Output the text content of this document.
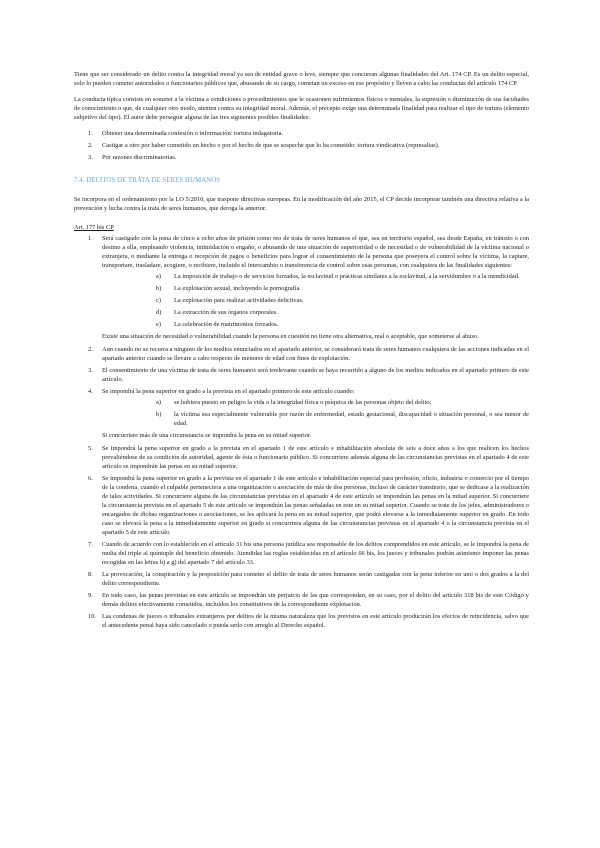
Tiene que ser considerado un delito contra la integridad moral ya sea de entidad grave o leve, siempre que concurran algunas finalidades del Art. 174 CP. Es un delito especial, solo lo pueden cometer autoridades o funcionarios públicos que, abusando de su cargo, cometan un exceso en ese propósito y lleven a cabo las conductas del artículo 174 CP.

La conducta típica consiste en someter a la víctima a condiciones o procedimientos que le ocasionen sufrimientos físicos o mentales, la supresión o disminución de sus facultades de conocimiento o que, de cualquier otro modo, atenten contra su integridad moral. Además, el precepto exige una determinada finalidad para realizar el tipo de tortura (elemento subjetivo del tipo). El autor debe perseguir alguna de las tres siguientes posibles finalidades:

1. Obtener una determinada confesión o información: tortura indagatoria.
2. Castigar a otro por haber cometido un hecho o por el hecho de que se sospeche que lo ha cometido: tortura vindicativa (represalias).
3. Por razones discriminatorias.
7.4. DELITOS DE TRATA DE SERES HUMANOS

Se incorpora en el ordenamiento por la LO 5/2010, que traspone directivas europeas. En la modificación del año 2015, el CP decide incorporar también una directiva relativa a la prevención y lucha contra la trata de seres humanos, que deroga la anterior.

Art. 177 bis CP
1. Será castigado con la pena de cinco a ocho años de prisión como reo de trata de seres humanos el que, sea en territorio español, sea desde España, en tránsito o con destino a ella, empleando violencia, intimidación o engaño, o abusando de una situación de superioridad o de necesidad o de vulnerabilidad de la víctima nacional o extranjera, o mediante la entrega o recepción de pagos o beneficios para lograr el consentimiento de la persona que poseyera el control sobre la víctima, la captare, transportare, trasladare, acogiere, o recibiere, incluido el intercambio o transferencia de control sobre esas personas, con cualquiera de las finalidades siguientes:
a) La imposición de trabajo o de servicios forzados, la esclavitud o prácticas similares a la esclavitud, a la servidumbre o a la mendicidad.
b) La explotación sexual, incluyendo la pornografía.
c) La explotación para realizar actividades delictivas.
d) La extracción de sus órganos corporales.
e) La celebración de matrimonios forzados.
Existe una situación de necesidad o vulnerabilidad cuando la persona en cuestión no tiene otra alternativa, real o aceptable, que someterse al abuso.
2. Aun cuando no se recurra a ninguno de los medios enunciados en el apartado anterior, se considerará trata de seres humanos cualquiera de las acciones indicadas en el apartado anterior cuando se llevare a cabo respecto de menores de edad con fines de explotación.
3. El consentimiento de una víctima de trata de seres humanos será irrelevante cuando se haya recurrido a alguno de los medios indicados en el apartado primero de este artículo.
4. Se impondrá la pena superior en grado a la prevista en el apartado primero de este artículo cuando:
a) se hubiera puesto en peligro la vida o la integridad física o psíquica de las personas objeto del delito;
b) la víctima sea especialmente vulnerable por razón de enfermedad, estado gestacional, discapacidad o situación personal, o sea menor de edad.
Si concurriere más de una circunstancia se impondrá la pena en su mitad superior.
5. Se impondrá la pena superior en grado a la prevista en el apartado 1 de este artículo e inhabilitación absoluta de seis a doce años a los que realicen los hechos prevaliéndose de su condición de autoridad, agente de ésta o funcionario público. Si concurriere además alguna de las circunstancias previstas en el apartado 4 de este artículo se impondrán las penas en su mitad superior.
6. Se impondrá la pena superior en grado a la prevista en el apartado 1 de este artículo e inhabilitación especial para profesión, oficio, industria o comercio por el tiempo de la condena, cuando el culpable perteneciera a una organización o asociación de más de dos personas, incluso de carácter transitorio, que se dedicase a la realización de tales actividades. Si concurriere alguna de las circunstancias previstas en el apartado 4 de este artículo se impondrán las penas en la mitad superior. Si concurriere la circunstancia prevista en el apartado 5 de este artículo se impondrán las penas señaladas en este en su mitad superior. Cuando se trate de los jefes, administradores o encargados de dichas organizaciones o asociaciones, se les aplicará la pena en su mitad superior, que podrá elevarse a la inmediatamente superior en grado. En todo caso se elevará la pena a la inmediatamente superior en grado si concurriera alguna de las circunstancias previstas en el apartado 4 o la circunstancia prevista en el apartado 5 de este artículo.
7. Cuando de acuerdo con lo establecido en el artículo 31 bis una persona jurídica sea responsable de los delitos comprendidos en este artículo, se le impondrá la pena de multa del triple al quíntuple del beneficio obtenido. Atendidas las reglas establecidas en el artículo 66 bis, los jueces y tribunales podrán asimismo imponer las penas recogidas en las letras b) a g) del apartado 7 del artículo 33.
8. La provocación, la conspiración y la proposición para cometer el delito de trata de seres humanos serán castigadas con la pena inferior en uno o dos grados a la del delito correspondiente.
9. En todo caso, las penas previstas en este artículo se impondrán sin perjuicio de las que correspondan, en su caso, por el delito del artículo 318 bis de este Código y demás delitos efectivamente cometidos, incluidos los constitutivos de la correspondiente explotación.
10. Las condenas de jueces o tribunales extranjeros por delitos de la misma naturaleza que los previstos en este artículo producirán los efectos de reincidencia, salvo que el antecedente penal haya sido cancelado o pueda serlo con arreglo al Derecho español.
